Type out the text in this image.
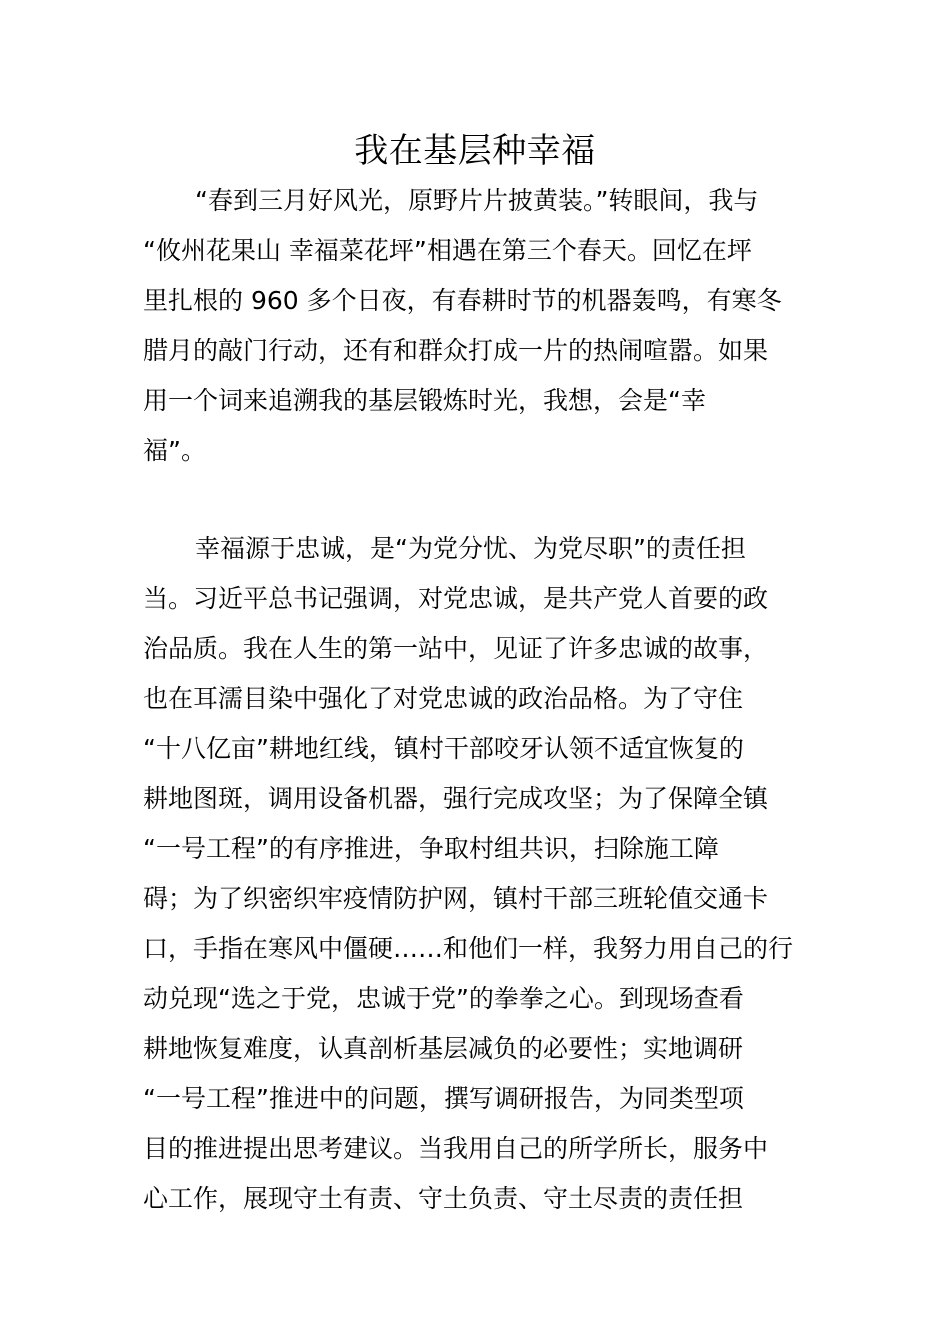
我在基层种幸福

“春到三月好风光，原野片片披黄装。”转眼间，我与

“攸州花果山 幸福菜花坪”相遇在第三个春天。回忆在坪

里扎根的 960 多个日夜，有春耕时节的机器轰鸣，有寒冬

腊月的敲门行动，还有和群众打成一片的热闹喧嚣。如果

用一个词来追溯我的基层锻炼时光，我想，会是“幸

福”。

幸福源于忠诚，是“为党分忧、为党尽职”的责任担

当。习近平总书记强调，对党忠诚，是共产党人首要的政

治品质。我在人生的第一站中，见证了许多忠诚的故事，

也在耳濡目染中强化了对党忠诚的政治品格。为了守住

“十八亿亩”耕地红线，镇村干部咬牙认领不适宜恢复的

耕地图斑，调用设备机器，强行完成攻坚；为了保障全镇

“一号工程”的有序推进，争取村组共识，扫除施工障

碍；为了织密织牢疫情防护网，镇村干部三班轮值交通卡

口，手指在寒风中僵硬……和他们一样，我努力用自己的行

动兑现“选之于党，忠诚于党”的拳拳之心。到现场查看

耕地恢复难度，认真剖析基层减负的必要性；实地调研

“一号工程”推进中的问题，撰写调研报告，为同类型项

目的推进提出思考建议。当我用自己的所学所长，服务中

心工作，展现守土有责、守土负责、守土尽责的责任担
